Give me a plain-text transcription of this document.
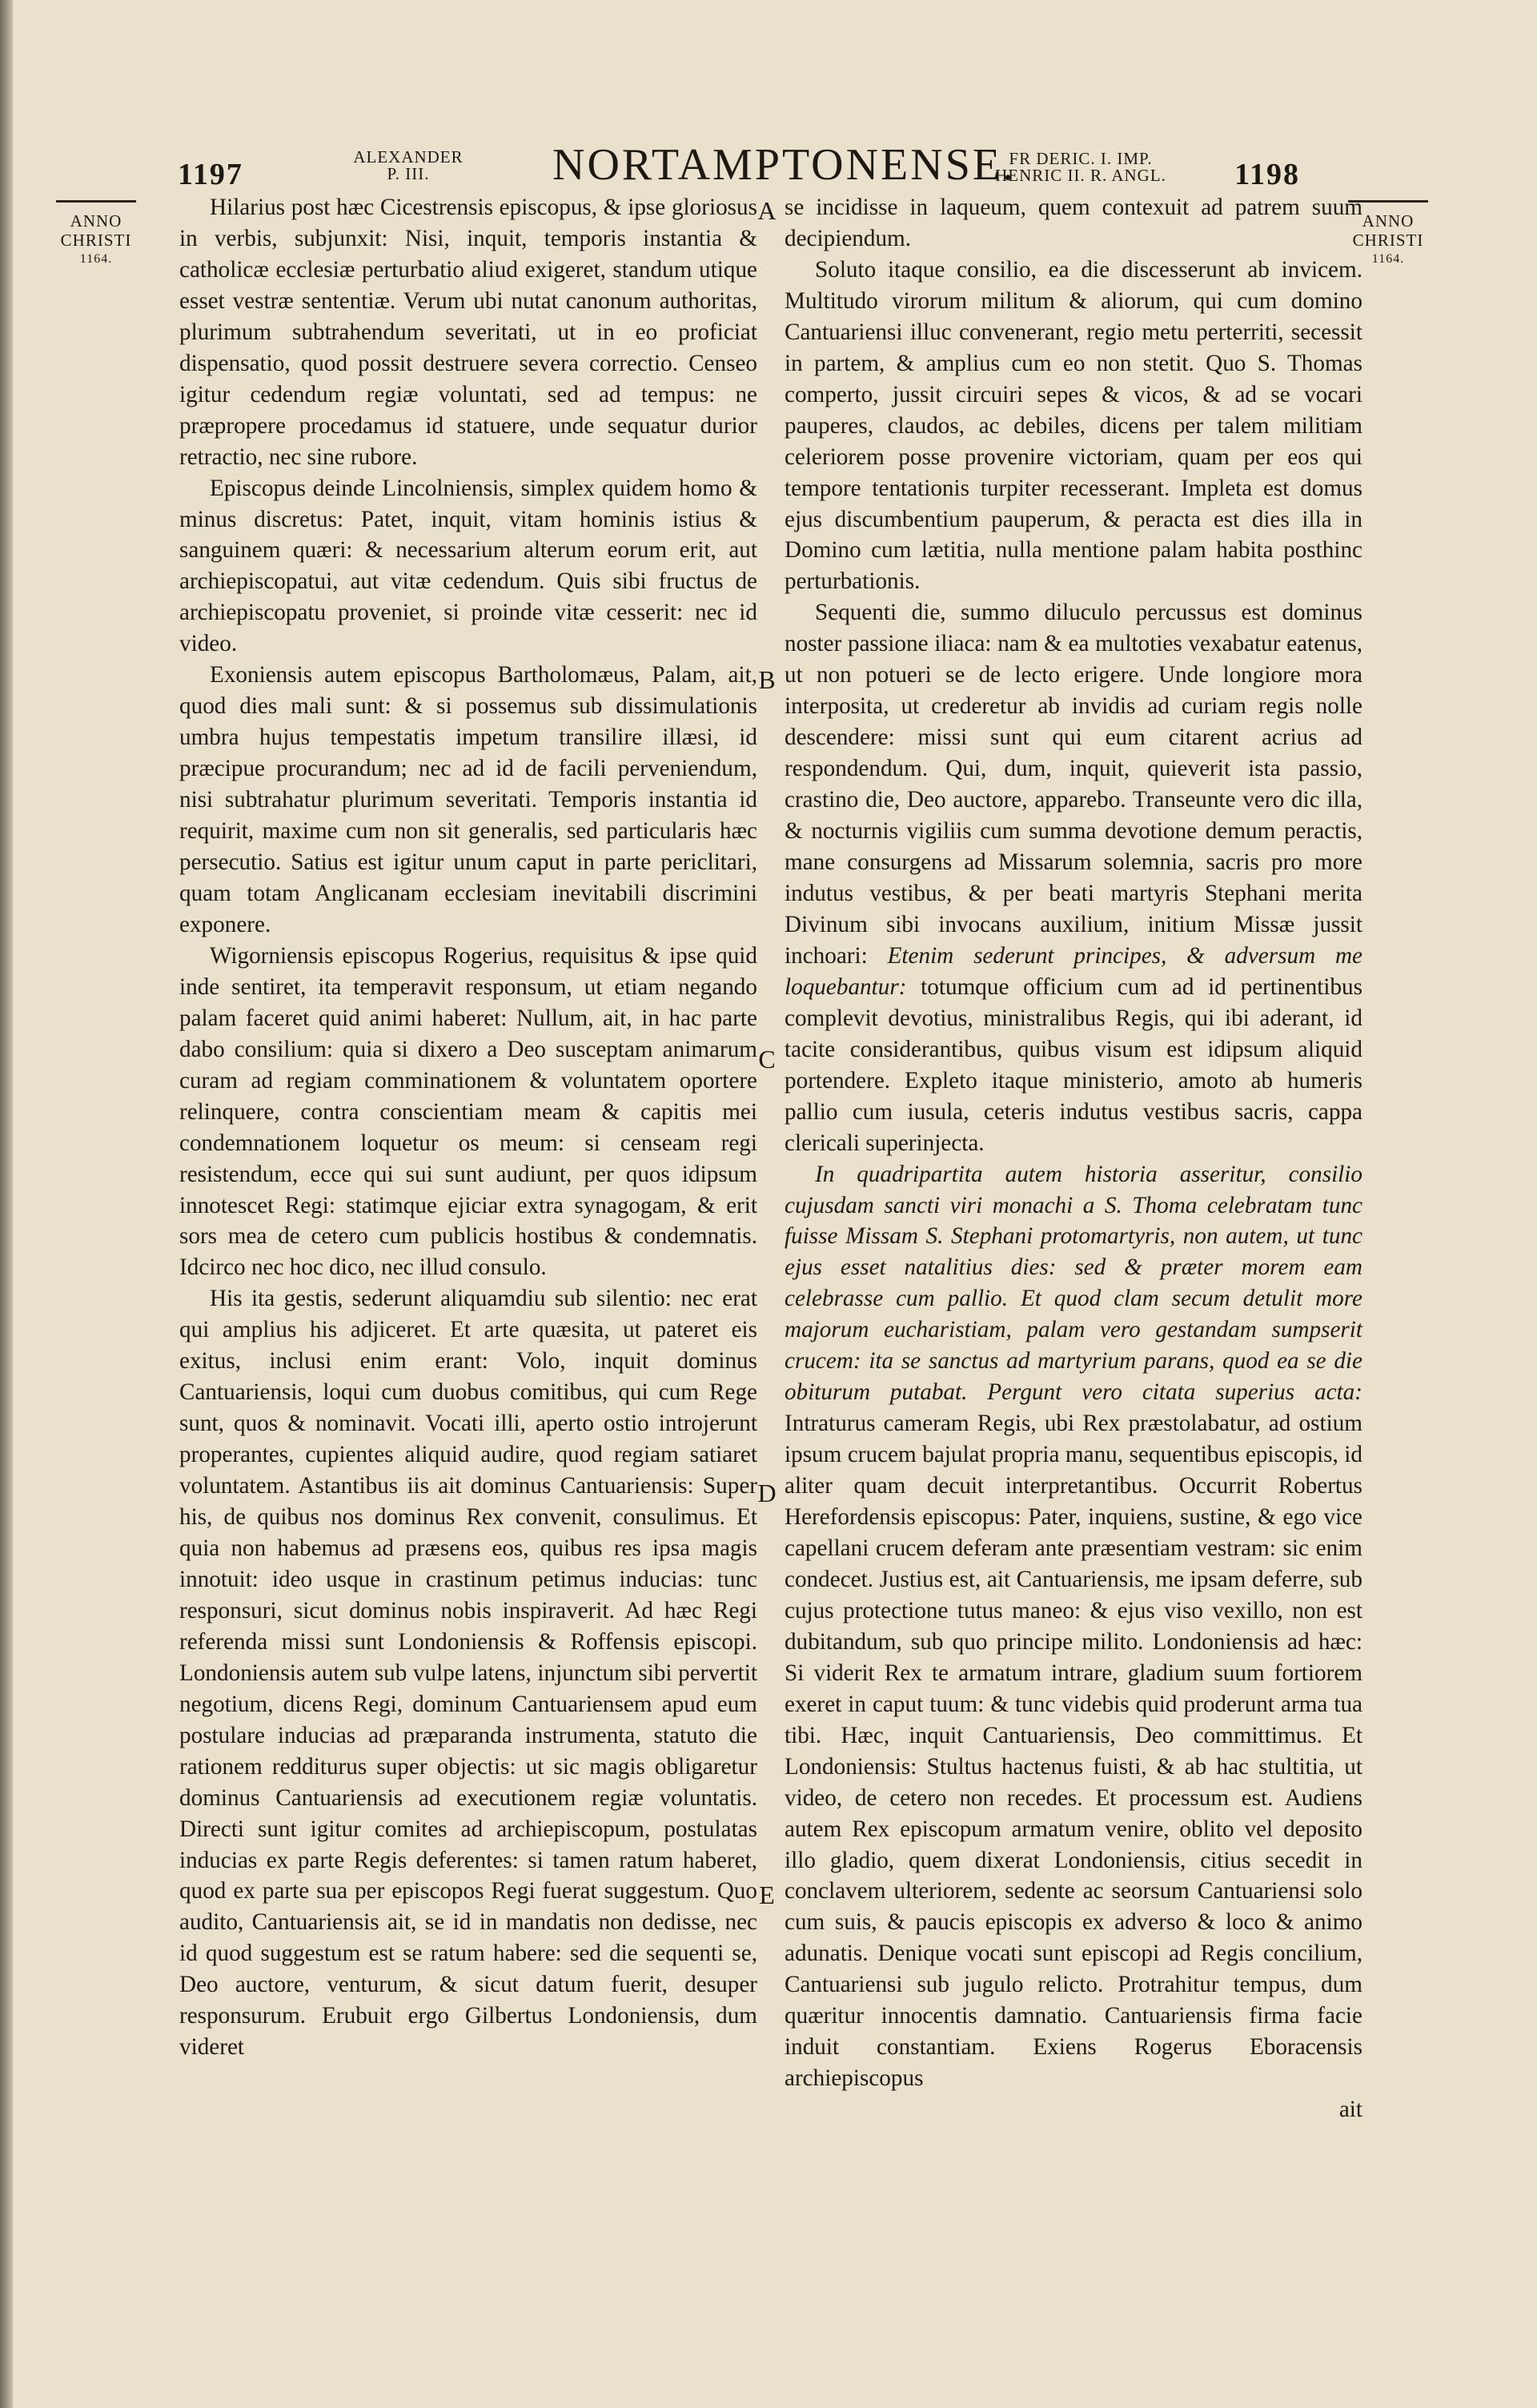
1197
ALEXANDER
P. III.	NORTAMPTONENSE.
FR DERIC. I. IMP.
HENRIC II. R. ANGL.	1198
ANNO
CHRISTI
1164.
ANNO
CHRISTI
1164.
A
B
C
D
E

Hilarius post hæc Cicestrensis episcopus, & ipse gloriosus in verbis, subjunxit: Nisi, inquit, temporis instantia & catholicæ ecclesiæ perturbatio aliud exigeret, standum utique esset vestræ sententiæ. Verum ubi nutat canonum authoritas, plurimum subtrahendum severitati, ut in eo proficiat dispensatio, quod possit destruere severa correctio. Censeo igitur cedendum regiæ voluntati, sed ad tempus: ne præpropere procedamus id statuere, unde sequatur durior retractio, nec sine rubore.

Episcopus deinde Lincolniensis, simplex quidem homo & minus discretus: Patet, inquit, vitam hominis istius & sanguinem quæri: & necessarium alterum eorum erit, aut archiepiscopatui, aut vitæ cedendum. Quis sibi fructus de archiepiscopatu proveniet, si proinde vitæ cesserit: nec id video.

Exoniensis autem episcopus Bartholomæus, Palam, ait, quod dies mali sunt: & si possemus sub dissimulationis umbra hujus tempestatis impetum transilire illæsi, id præcipue procurandum; nec ad id de facili perveniendum, nisi subtrahatur plurimum severitati. Temporis instantia id requirit, maxime cum non sit generalis, sed particularis hæc persecutio. Satius est igitur unum caput in parte periclitari, quam totam Anglicanam ecclesiam inevitabili discrimini exponere.

Wigorniensis episcopus Rogerius, requisitus & ipse quid inde sentiret, ita temperavit responsum, ut etiam negando palam faceret quid animi haberet: Nullum, ait, in hac parte dabo consilium: quia si dixero a Deo susceptam animarum curam ad regiam comminationem & voluntatem oportere relinquere, contra conscientiam meam & capitis mei condemnationem loquetur os meum: si censeam regi resistendum, ecce qui sui sunt audiunt, per quos idipsum innotescet Regi: statimque ejiciar extra synagogam, & erit sors mea de cetero cum publicis hostibus & condemnatis. Idcirco nec hoc dico, nec illud consulo.

His ita gestis, sederunt aliquamdiu sub silentio: nec erat qui amplius his adjiceret. Et arte quæsita, ut pateret eis exitus, inclusi enim erant: Volo, inquit dominus Cantuariensis, loqui cum duobus comitibus, qui cum Rege sunt, quos & nominavit. Vocati illi, aperto ostio introjerunt properantes, cupientes aliquid audire, quod regiam satiaret voluntatem. Astantibus iis ait dominus Cantuariensis: Super his, de quibus nos dominus Rex convenit, consulimus. Et quia non habemus ad præsens eos, quibus res ipsa magis innotuit: ideo usque in crastinum petimus inducias: tunc responsuri, sicut dominus nobis inspiraverit. Ad hæc Regi referenda missi sunt Londoniensis & Roffensis episcopi. Londoniensis autem sub vulpe latens, injunctum sibi pervertit negotium, dicens Regi, dominum Cantuariensem apud eum postulare inducias ad præparanda instrumenta, statuto die rationem redditurus super objectis: ut sic magis obligaretur dominus Cantuariensis ad executionem regiæ voluntatis. Directi sunt igitur comites ad archiepiscopum, postulatas inducias ex parte Regis deferentes: si tamen ratum haberet, quod ex parte sua per episcopos Regi fuerat suggestum. Quo audito, Cantuariensis ait, se id in mandatis non dedisse, nec id quod suggestum est se ratum habere: sed die sequenti se, Deo auctore, venturum, & sicut datum fuerit, desuper responsurum. Erubuit ergo Gilbertus Londoniensis, dum videret

se incidisse in laqueum, quem contexuit ad patrem suum decipiendum.

Soluto itaque consilio, ea die discesserunt ab invicem. Multitudo virorum militum & aliorum, qui cum domino Cantuariensi illuc convenerant, regio metu perterriti, secessit in partem, & amplius cum eo non stetit. Quo S. Thomas comperto, jussit circuiri sepes & vicos, & ad se vocari pauperes, claudos, ac debiles, dicens per talem militiam celeriorem posse provenire victoriam, quam per eos qui tempore tentationis turpiter recesserant. Impleta est domus ejus discumbentium pauperum, & peracta est dies illa in Domino cum lætitia, nulla mentione palam habita posthinc perturbationis.

Sequenti die, summo diluculo percussus est dominus noster passione iliaca: nam & ea multoties vexabatur eatenus, ut non potueri se de lecto erigere. Unde longiore mora interposita, ut crederetur ab invidis ad curiam regis nolle descendere: missi sunt qui eum citarent acrius ad respondendum. Qui, dum, inquit, quieverit ista passio, crastino die, Deo auctore, apparebo. Transeunte vero dic illa, & nocturnis vigiliis cum summa devotione demum peractis, mane consurgens ad Missarum solemnia, sacris pro more indutus vestibus, & per beati martyris Stephani merita Divinum sibi invocans auxilium, initium Missæ jussit inchoari: Etenim sederunt principes, & adversum me loquebantur: totumque officium cum ad id pertinentibus complevit devotius, ministralibus Regis, qui ibi aderant, id tacite considerantibus, quibus visum est idipsum aliquid portendere. Expleto itaque ministerio, amoto ab humeris pallio cum iusula, ceteris indutus vestibus sacris, cappa clericali superinjecta.

In quadripartita autem historia asseritur, consilio cujusdam sancti viri monachi a S. Thoma celebratam tunc fuisse Missam S. Stephani protomartyris, non autem, ut tunc ejus esset natalitius dies: sed & præter morem eam celebrasse cum pallio. Et quod clam secum detulit more majorum eucharistiam, palam vero gestandam sumpserit crucem: ita se sanctus ad martyrium parans, quod ea se die obiturum putabat. Pergunt vero citata superius acta: Intraturus cameram Regis, ubi Rex præstolabatur, ad ostium ipsum crucem bajulat propria manu, sequentibus episcopis, id aliter quam decuit interpretantibus. Occurrit Robertus Herefordensis episcopus: Pater, inquiens, sustine, & ego vice capellani crucem deferam ante præsentiam vestram: sic enim condecet. Justius est, ait Cantuariensis, me ipsam deferre, sub cujus protectione tutus maneo: & ejus viso vexillo, non est dubitandum, sub quo principe milito. Londoniensis ad hæc: Si viderit Rex te armatum intrare, gladium suum fortiorem exeret in caput tuum: & tunc videbis quid proderunt arma tua tibi. Hæc, inquit Cantuariensis, Deo committimus. Et Londoniensis: Stultus hactenus fuisti, & ab hac stultitia, ut video, de cetero non recedes. Et processum est. Audiens autem Rex episcopum armatum venire, oblito vel deposito illo gladio, quem dixerat Londoniensis, citius secedit in conclavem ulteriorem, sedente ac seorsum Cantuariensi solo cum suis, & paucis episcopis ex adverso & loco & animo adunatis. Denique vocati sunt episcopi ad Regis concilium, Cantuariensi sub jugulo relicto. Protrahitur tempus, dum quæritur innocentis damnatio. Cantuariensis firma facie induit constantiam. Exiens Rogerus Eboracensis archiepiscopus

ait
